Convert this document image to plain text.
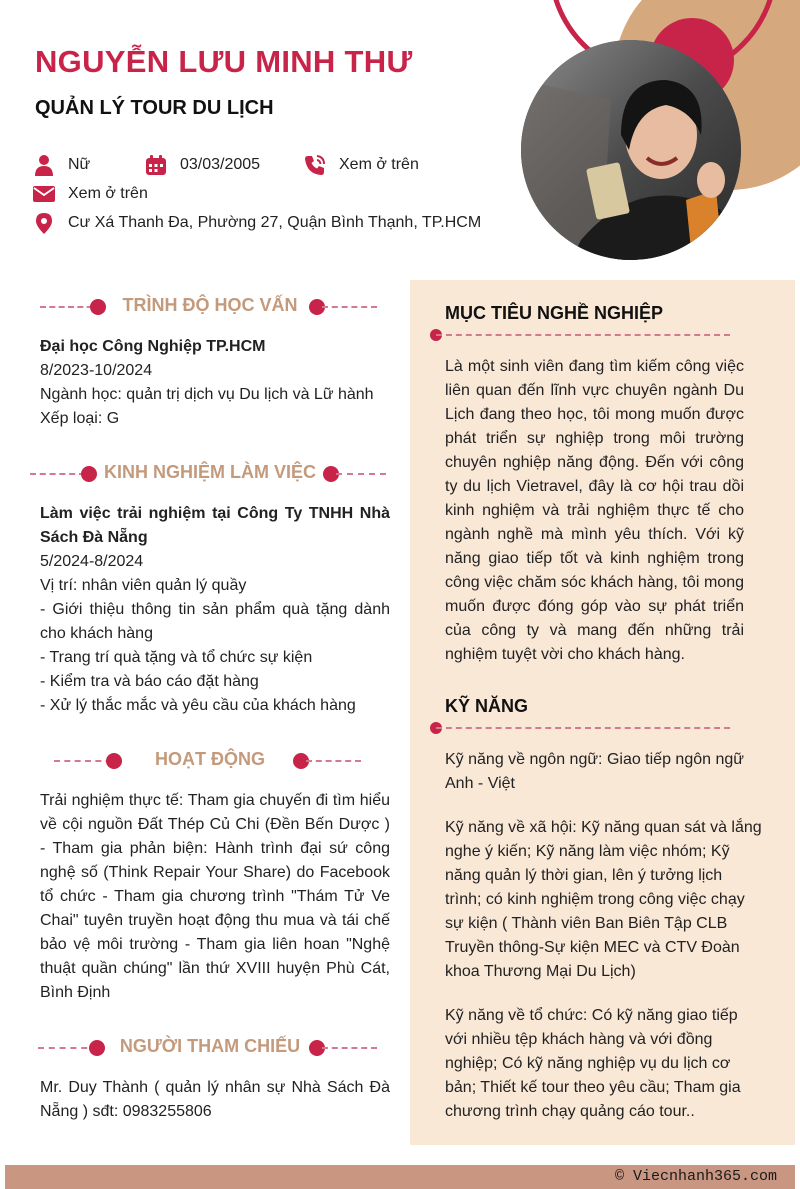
NGUYỄN LƯU MINH THƯ
QUẢN LÝ TOUR DU LỊCH
Nữ	03/03/2005	Xem ở trên
Xem ở trên
Cư Xá Thanh Đa, Phường 27, Quận Bình Thạnh, TP.HCM
TRÌNH ĐỘ HỌC VẤN
Đại học Công Nghiệp TP.HCM
8/2023-10/2024
Ngành học: quản trị dịch vụ Du lịch và Lữ hành
Xếp loại: G
KINH NGHIỆM LÀM VIỆC
Làm việc trải nghiệm tại Công Ty TNHH Nhà Sách Đà Nẵng
5/2024-8/2024
Vị trí: nhân viên quản lý quầy
- Giới thiệu thông tin sản phẩm quà tặng dành cho khách hàng
- Trang trí quà tặng và tổ chức sự kiện
- Kiểm tra và báo cáo đặt hàng
- Xử lý thắc mắc và yêu cầu của khách hàng
HOẠT ĐỘNG
Trải nghiệm thực tế: Tham gia chuyến đi tìm hiểu về cội nguồn Đất Thép Củ Chi (Đền Bến Dược ) - Tham gia phản biện: Hành trình đại sứ công nghệ số (Think Repair Your Share) do Facebook tổ chức - Tham gia chương trình "Thám Tử Ve Chai" tuyên truyền hoạt động thu mua và tái chế bảo vệ môi trường - Tham gia liên hoan "Nghệ thuật quần chúng" lần thứ XVIII huyện Phù Cát, Bình Định
NGƯỜI THAM CHIẾU
Mr. Duy Thành ( quản lý nhân sự Nhà Sách Đà Nẵng ) sđt: 0983255806
MỤC TIÊU NGHỀ NGHIỆP
Là một sinh viên đang tìm kiếm công việc liên quan đến lĩnh vực chuyên ngành Du Lịch đang theo học, tôi mong muốn được phát triển sự nghiệp trong môi trường chuyên nghiệp năng động. Đến với công ty du lịch Vietravel, đây là cơ hội trau dồi kinh nghiệm và trải nghiệm thực tế cho ngành nghề mà mình yêu thích. Với kỹ năng giao tiếp tốt và kinh nghiệm trong công việc chăm sóc khách hàng, tôi mong muốn được đóng góp vào sự phát triển của công ty và mang đến những trải nghiệm tuyệt vời cho khách hàng.
KỸ NĂNG
Kỹ năng về ngôn ngữ: Giao tiếp ngôn ngữ Anh - Việt
Kỹ năng về xã hội: Kỹ năng quan sát và lắng nghe ý kiến; Kỹ năng làm việc nhóm; Kỹ năng quản lý thời gian, lên ý tưởng lịch trình; có kinh nghiệm trong công việc chạy sự kiện ( Thành viên Ban Biên Tập CLB Truyền thông-Sự kiện MEC và CTV Đoàn khoa Thương Mại Du Lịch)
Kỹ năng về tổ chức: Có kỹ năng giao tiếp với nhiều tệp khách hàng và với đồng nghiệp; Có kỹ năng nghiệp vụ du lịch cơ bản; Thiết kế tour theo yêu cầu; Tham gia chương trình chạy quảng cáo tour..
© Viecnhanh365.com
